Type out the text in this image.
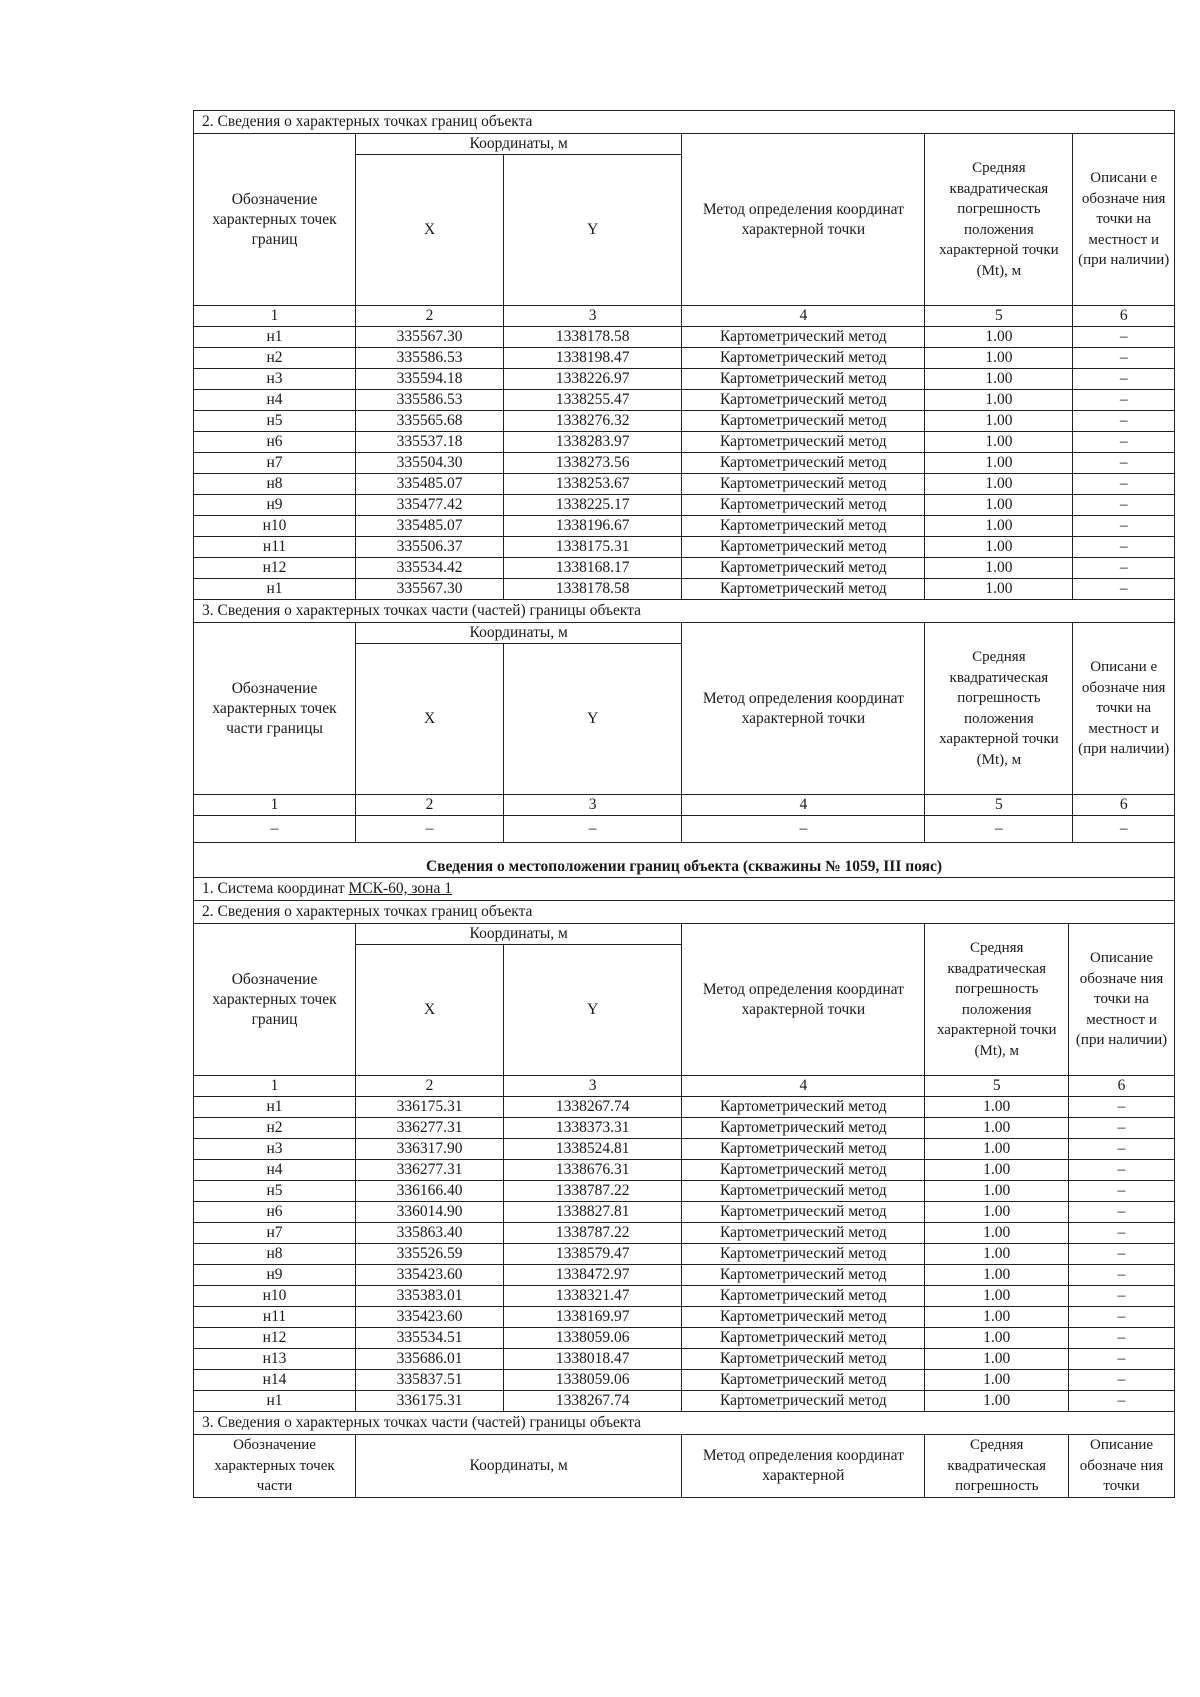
2. Сведения о характерных точках границ объекта
Обозначение характерных точек границ	Координаты, м		Метод определения координат характерной точки	Средняя квадратическая погрешность положения характерной точки (Mt), м	Описани е обозначе ния точки на местност и (при наличии)
	X	Y			
1	2	3	4	5	6
н1	335567.30	1338178.58	Картометрический метод	1.00	–
н2	335586.53	1338198.47	Картометрический метод	1.00	–
н3	335594.18	1338226.97	Картометрический метод	1.00	–
н4	335586.53	1338255.47	Картометрический метод	1.00	–
н5	335565.68	1338276.32	Картометрический метод	1.00	–
н6	335537.18	1338283.97	Картометрический метод	1.00	–
н7	335504.30	1338273.56	Картометрический метод	1.00	–
н8	335485.07	1338253.67	Картометрический метод	1.00	–
н9	335477.42	1338225.17	Картометрический метод	1.00	–
н10	335485.07	1338196.67	Картометрический метод	1.00	–
н11	335506.37	1338175.31	Картометрический метод	1.00	–
н12	335534.42	1338168.17	Картометрический метод	1.00	–
н1	335567.30	1338178.58	Картометрический метод	1.00	–
3. Сведения о характерных точках части (частей) границы объекта
Обозначение характерных точек части границы	Координаты, м		Метод определения координат характерной точки	Средняя квадратическая погрешность положения характерной точки (Mt), м	Описани е обозначе ния точки на местност и (при наличии)
	X	Y			
1	2	3	4	5	6
–	–	–	–	–	–
Сведения о местоположении границ объекта (скважины № 1059, III пояс)
1. Система координат МСК-60, зона 1
2. Сведения о характерных точках границ объекта
Обозначение характерных точек границ	Координаты, м		Метод определения координат характерной точки	Средняя квадратическая погрешность положения характерной точки (Mt), м	Описание обозначе ния точки на местност и (при наличии)
	X	Y			
1	2	3	4	5	6
н1	336175.31	1338267.74	Картометрический метод	1.00	–
н2	336277.31	1338373.31	Картометрический метод	1.00	–
н3	336317.90	1338524.81	Картометрический метод	1.00	–
н4	336277.31	1338676.31	Картометрический метод	1.00	–
н5	336166.40	1338787.22	Картометрический метод	1.00	–
н6	336014.90	1338827.81	Картометрический метод	1.00	–
н7	335863.40	1338787.22	Картометрический метод	1.00	–
н8	335526.59	1338579.47	Картометрический метод	1.00	–
н9	335423.60	1338472.97	Картометрический метод	1.00	–
н10	335383.01	1338321.47	Картометрический метод	1.00	–
н11	335423.60	1338169.97	Картометрический метод	1.00	–
н12	335534.51	1338059.06	Картометрический метод	1.00	–
н13	335686.01	1338018.47	Картометрический метод	1.00	–
н14	335837.51	1338059.06	Картометрический метод	1.00	–
н1	336175.31	1338267.74	Картометрический метод	1.00	–
3. Сведения о характерных точках части (частей) границы объекта
Обозначение характерных точек части	Координаты, м	Метод определения координат характерной	Средняя квадратическая погрешность	Описание обозначе ния точки
